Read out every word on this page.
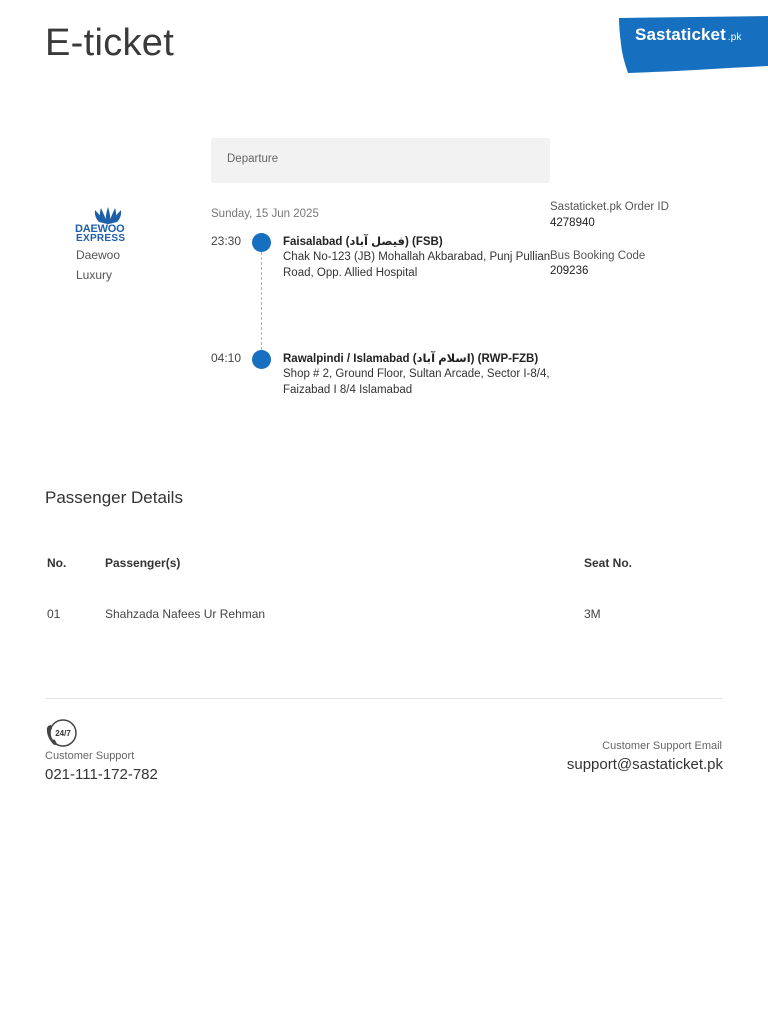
E-ticket	Sastaticket .pk
Departure
DAEWOO
EXPRESS
Daewoo
Luxury
Sunday, 15 Jun 2025
23:30
04:10
Faisalabad (فیصل آباد) (FSB)
Chak No-123 (JB) Mohallah Akbarabad, Punj Pullian Road, Opp. Allied Hospital
Rawalpindi / Islamabad (اسلام آباد) (RWP-FZB)
Shop # 2, Ground Floor, Sultan Arcade, Sector I-8/4, Faizabad I 8/4 Islamabad
Sastaticket.pk Order ID
4278940
Bus Booking Code
209236
Passenger Details
No.	Passenger(s)	Seat No.
01	Shahzada Nafees Ur Rehman	3M
24/7
Customer Support
021-111-172-782
Customer Support Email
support@sastaticket.pk
